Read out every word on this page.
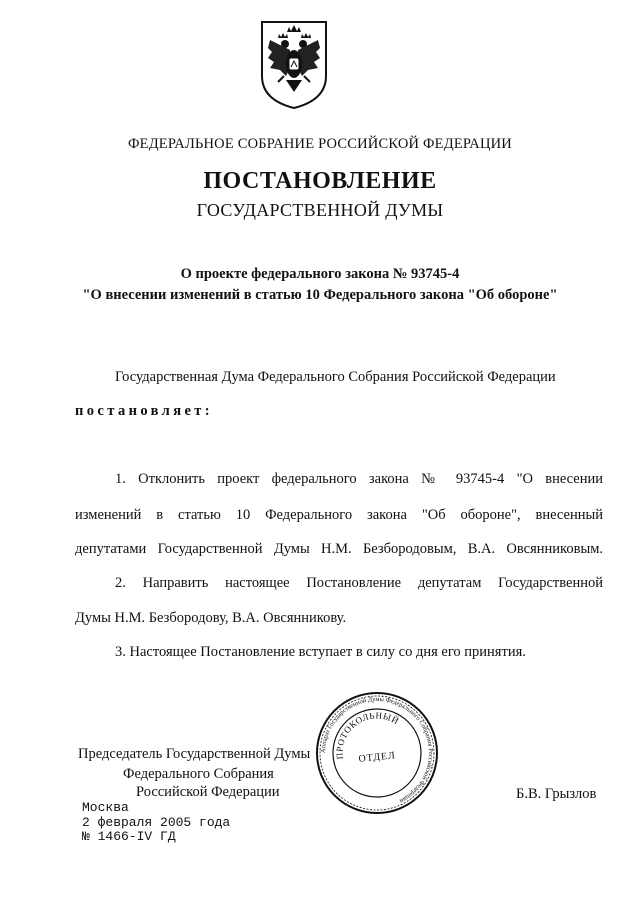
ФЕДЕРАЛЬНОЕ СОБРАНИЕ РОССИЙСКОЙ ФЕДЕРАЦИИ
ПОСТАНОВЛЕНИЕ
ГОСУДАРСТВЕННОЙ ДУМЫ
О проекте федерального закона № 93745-4
"О внесении изменений в статью 10 Федерального закона "Об обороне"
Государственная Дума Федерального Собрания Российской Федерации
постановляет:
1. Отклонить проект федерального закона № 93745-4 "О внесении
изменений в статью 10 Федерального закона "Об обороне", внесенный
депутатами Государственной Думы Н.М. Безбородовым, В.А. Овсянниковым.
2. Направить настоящее Постановление депутатам Государственной
Думы Н.М. Безбородову, В.А. Овсянникову.
3. Настоящее Постановление вступает в силу со дня его принятия.
Председатель Государственной Думы
Федерального Собрания
Российской Федерации	Б.В. Грызлов
Аппарат Государственной Думы Федерального Собрания Российской Федерации
ПРОТОКОЛЬНЫЙ
ОТДЕЛ
Москва
2 февраля 2005 года
№ 1466-IV ГД
